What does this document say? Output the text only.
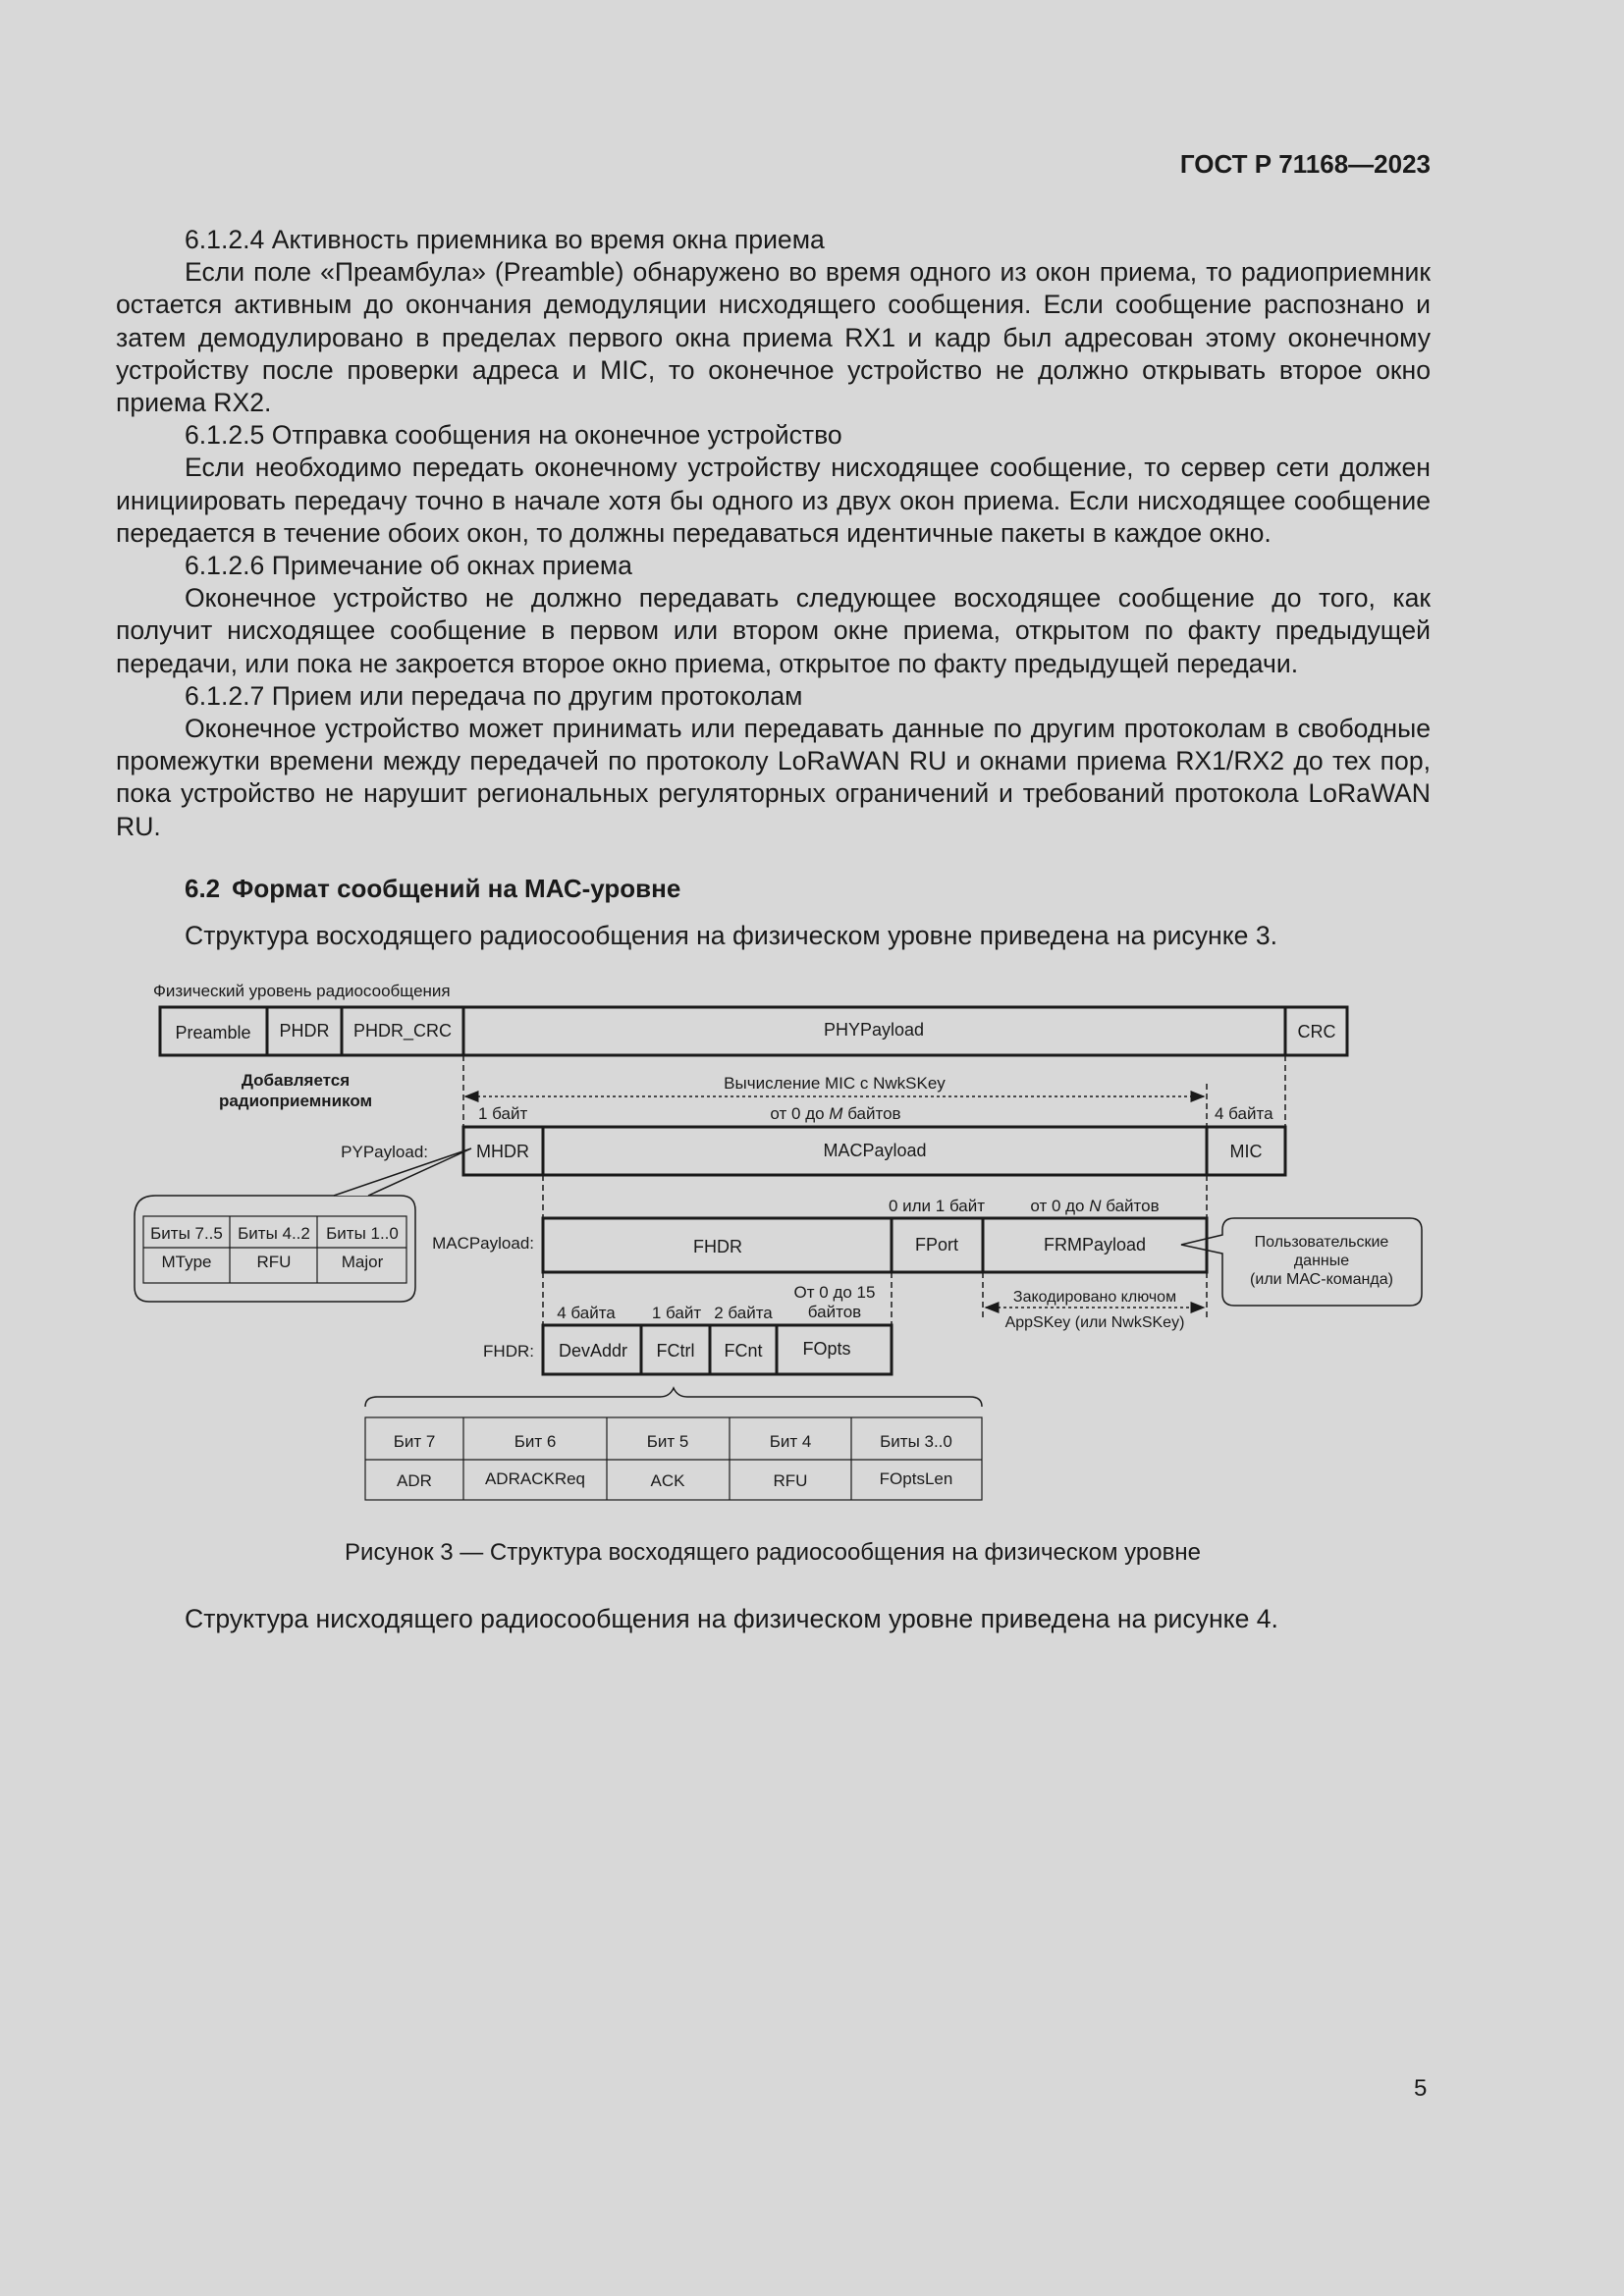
ГОСТ Р 71168—2023

6.1.2.4 Активность приемника во время окна приема

Если поле «Преамбула» (Preamble) обнаружено во время одного из окон приема, то радиоприемник остается активным до окончания демодуляции нисходящего сообщения. Если сообщение распознано и затем демодулировано в пределах первого окна приема RX1 и кадр был адресован этому оконечному устройству после проверки адреса и MIC, то оконечное устройство не должно открывать второе окно приема RX2.

6.1.2.5 Отправка сообщения на оконечное устройство

Если необходимо передать оконечному устройству нисходящее сообщение, то сервер сети должен инициировать передачу точно в начале хотя бы одного из двух окон приема. Если нисходящее сообщение передается в течение обоих окон, то должны передаваться идентичные пакеты в каждое окно.

6.1.2.6 Примечание об окнах приема

Оконечное устройство не должно передавать следующее восходящее сообщение до того, как получит нисходящее сообщение в первом или втором окне приема, открытом по факту предыдущей передачи, или пока не закроется второе окно приема, открытое по факту предыдущей передачи.

6.1.2.7 Прием или передача по другим протоколам

Оконечное устройство может принимать или передавать данные по другим протоколам в свободные промежутки времени между передачей по протоколу LoRaWAN RU и окнами приема RX1/RX2 до тех пор, пока устройство не нарушит региональных регуляторных ограничений и требований протокола LoRaWAN RU.

6.2 Формат сообщений на МАС-уровне
Структура восходящего радиосообщения на физическом уровне приведена на рисунке 3.
Физический уровень радиосообщения
Preamble PHDR PHDR_CRC	PHYPayload	CRC
Добавляется
радиоприемником
Вычисление MIC с NwkSKey
1 байт	от 0 до M байтов	4 байта
PYPayload:	MHDR	MACPayload	MIC
Биты 7..5 Биты 4..2 Биты 1..0
MType	RFU	Major
0 или 1 байт	от 0 до N байтов
MACPayload:	FHDR	FPort	FRMPayload	Пользовательские
данные
(или МАС-команда)
Закодировано ключом
AppSKey (или NwkSKey)
4 байта 1 байт 2 байта
От 0 до 15
байтов
FHDR: DevAddr FCtrl FCnt FOpts
Бит 7	Бит 6	Бит 5	Бит 4	Биты 3..0
ADR	ADRACKReq	ACK	RFU	FOptsLen
Рисунок 3 — Структура восходящего радиосообщения на физическом уровне
Структура нисходящего радиосообщения на физическом уровне приведена на рисунке 4.
5
